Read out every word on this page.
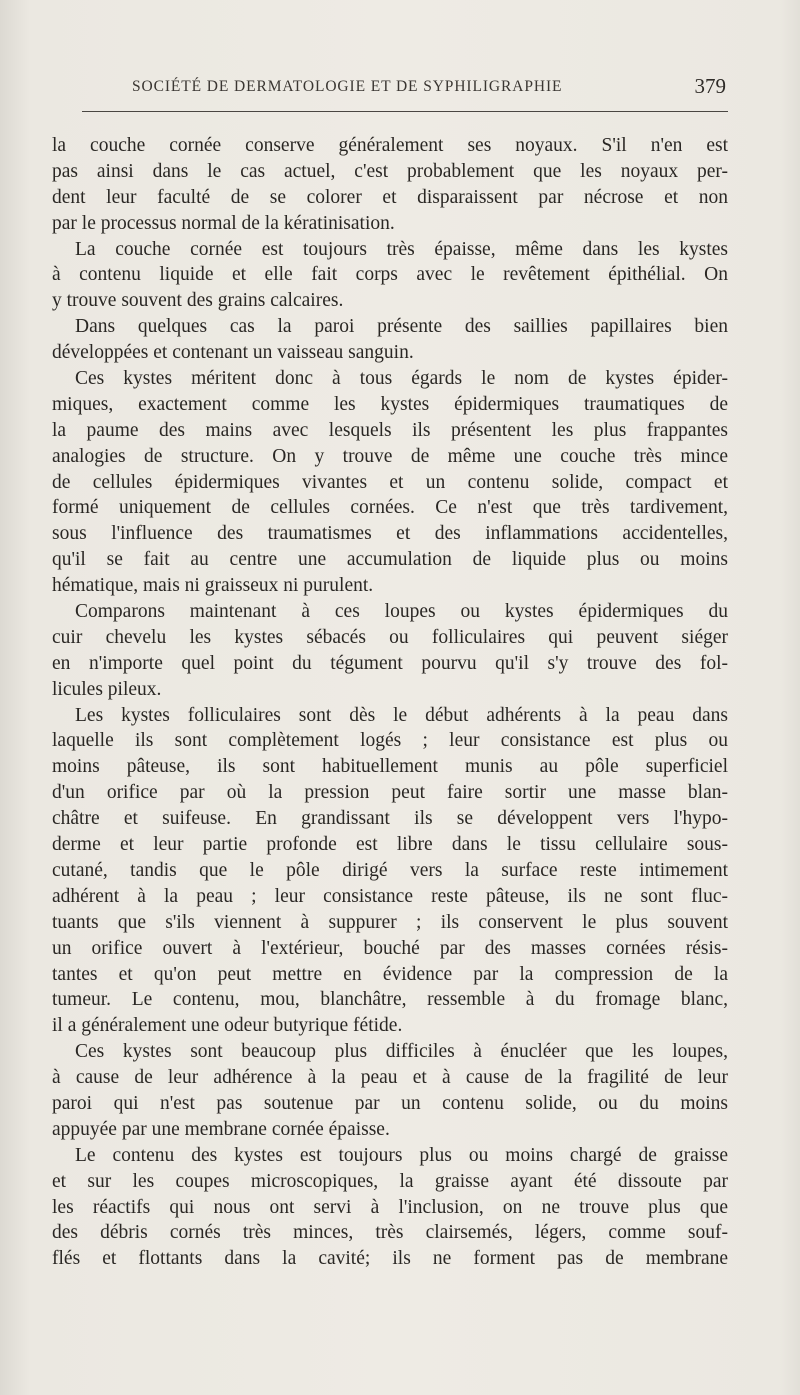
SOCIÉTÉ DE DERMATOLOGIE ET DE SYPHILIGRAPHIE	379
la couche cornée conserve généralement ses noyaux. S'il n'en est
pas ainsi dans le cas actuel, c'est probablement que les noyaux per-
dent leur faculté de se colorer et disparaissent par nécrose et non
par le processus normal de la kératinisation.
La couche cornée est toujours très épaisse, même dans les kystes
à contenu liquide et elle fait corps avec le revêtement épithélial. On
y trouve souvent des grains calcaires.
Dans quelques cas la paroi présente des saillies papillaires bien
développées et contenant un vaisseau sanguin.
Ces kystes méritent donc à tous égards le nom de kystes épider-
miques, exactement comme les kystes épidermiques traumatiques de
la paume des mains avec lesquels ils présentent les plus frappantes
analogies de structure. On y trouve de même une couche très mince
de cellules épidermiques vivantes et un contenu solide, compact et
formé uniquement de cellules cornées. Ce n'est que très tardivement,
sous l'influence des traumatismes et des inflammations accidentelles,
qu'il se fait au centre une accumulation de liquide plus ou moins
hématique, mais ni graisseux ni purulent.
Comparons maintenant à ces loupes ou kystes épidermiques du
cuir chevelu les kystes sébacés ou folliculaires qui peuvent siéger
en n'importe quel point du tégument pourvu qu'il s'y trouve des fol-
licules pileux.
Les kystes folliculaires sont dès le début adhérents à la peau dans
laquelle ils sont complètement logés ; leur consistance est plus ou
moins pâteuse, ils sont habituellement munis au pôle superficiel
d'un orifice par où la pression peut faire sortir une masse blan-
châtre et suifeuse. En grandissant ils se développent vers l'hypo-
derme et leur partie profonde est libre dans le tissu cellulaire sous-
cutané, tandis que le pôle dirigé vers la surface reste intimement
adhérent à la peau ; leur consistance reste pâteuse, ils ne sont fluc-
tuants que s'ils viennent à suppurer ; ils conservent le plus souvent
un orifice ouvert à l'extérieur, bouché par des masses cornées résis-
tantes et qu'on peut mettre en évidence par la compression de la
tumeur. Le contenu, mou, blanchâtre, ressemble à du fromage blanc,
il a généralement une odeur butyrique fétide.
Ces kystes sont beaucoup plus difficiles à énucléer que les loupes,
à cause de leur adhérence à la peau et à cause de la fragilité de leur
paroi qui n'est pas soutenue par un contenu solide, ou du moins
appuyée par une membrane cornée épaisse.
Le contenu des kystes est toujours plus ou moins chargé de graisse
et sur les coupes microscopiques, la graisse ayant été dissoute par
les réactifs qui nous ont servi à l'inclusion, on ne trouve plus que
des débris cornés très minces, très clairsemés, légers, comme souf-
flés et flottants dans la cavité; ils ne forment pas de membrane
